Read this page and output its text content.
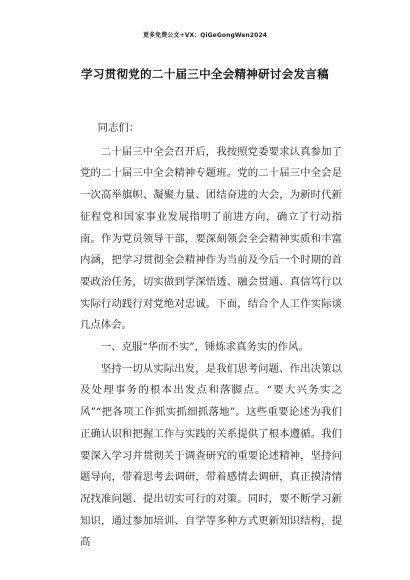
更多免费公文+VX：QiGeGongWen2024
学习贯彻党的二十届三中全会精神研讨会发言稿

同志们：

二十届三中全会召开后，我按照党委要求认真参加了党的二十届三中全会精神专题班。党的二十届三中全会是一次高举旗帜、凝聚力量、团结奋进的大会，为新时代新征程党和国家事业发展指明了前进方向，确立了行动指南。作为党员领导干部，要深刻领会全会精神实质和丰富内涵，把学习贯彻全会精神作为当前及今后一个时期的首要政治任务，切实做到学深悟透、融会贯通、真信笃行以实际行动践行对党绝对忠诚。下面，结合个人工作实际谈几点体会。

一、克服“华而不实”，锤炼求真务实的作风。

坚持一切从实际出发，是我们思考问题、作出决策以及处理事务的根本出发点和落脚点。“要大兴务实之风”“把各项工作抓实抓细抓落地”。这些重要论述为我们正确认识和把握工作与实践的关系提供了根本遵循。我们要深入学习并贯彻关于调查研究的重要论述精神，坚持问题导向，带着思考去调研，带着感情去调研，真正摸清情况找准问题、提出切实可行的对策。同时，要不断学习新知识，通过参加培训、自学等多种方式更新知识结构，提高
